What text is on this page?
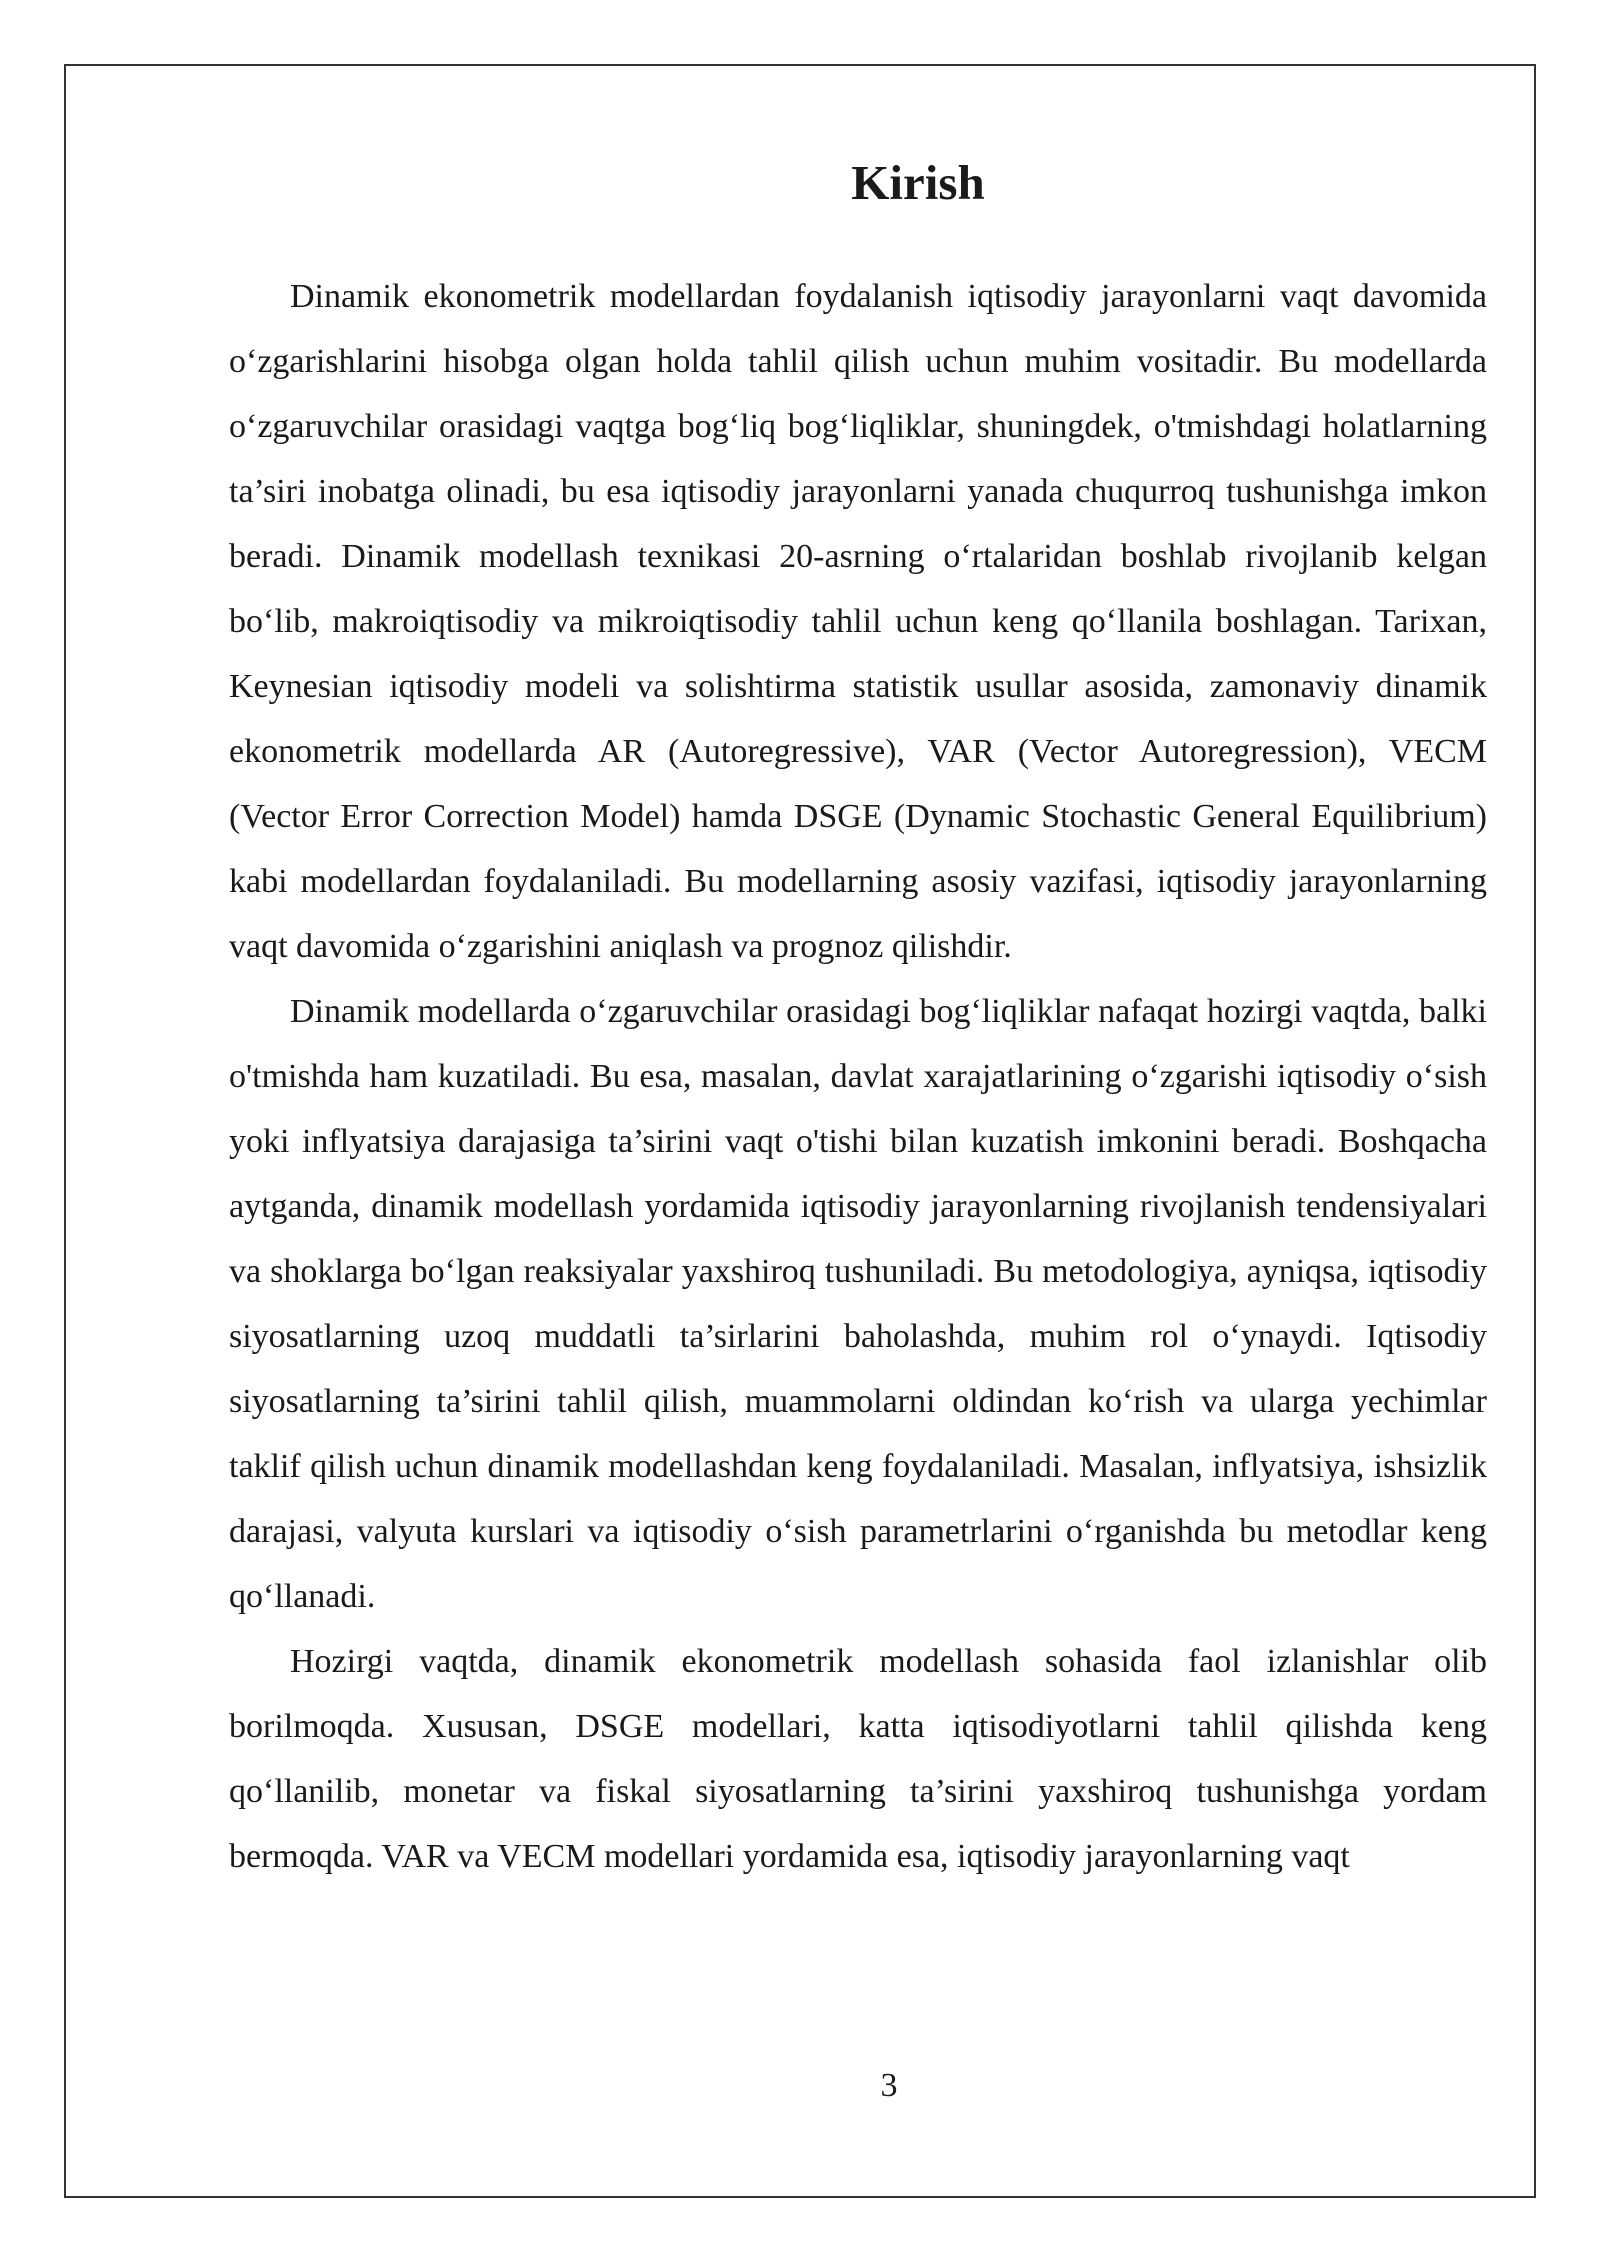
Kirish

Dinamik ekonometrik modellardan foydalanish iqtisodiy jarayonlarni vaqt davomida o‘zgarishlarini hisobga olgan holda tahlil qilish uchun muhim vositadir. Bu modellarda o‘zgaruvchilar orasidagi vaqtga bog‘liq bog‘liqliklar, shuningdek, o'tmishdagi holatlarning ta’siri inobatga olinadi, bu esa iqtisodiy jarayonlarni yanada chuqurroq tushunishga imkon beradi. Dinamik modellash texnikasi 20-asrning o‘rtalaridan boshlab rivojlanib kelgan bo‘lib, makroiqtisodiy va mikroiqtisodiy tahlil uchun keng qo‘llanila boshlagan. Tarixan, Keynesian iqtisodiy modeli va solishtirma statistik usullar asosida, zamonaviy dinamik ekonometrik modellarda AR (Autoregressive), VAR (Vector Autoregression), VECM (Vector Error Correction Model) hamda DSGE (Dynamic Stochastic General Equilibrium) kabi modellardan foydalaniladi. Bu modellarning asosiy vazifasi, iqtisodiy jarayonlarning vaqt davomida o‘zgarishini aniqlash va prognoz qilishdir.

Dinamik modellarda o‘zgaruvchilar orasidagi bog‘liqliklar nafaqat hozirgi vaqtda, balki o'tmishda ham kuzatiladi. Bu esa, masalan, davlat xarajatlarining o‘zgarishi iqtisodiy o‘sish yoki inflyatsiya darajasiga ta’sirini vaqt o'tishi bilan kuzatish imkonini beradi. Boshqacha aytganda, dinamik modellash yordamida iqtisodiy jarayonlarning rivojlanish tendensiyalari va shoklarga bo‘lgan reaksiyalar yaxshiroq tushuniladi. Bu metodologiya, ayniqsa, iqtisodiy siyosatlarning uzoq muddatli ta’sirlarini baholashda, muhim rol o‘ynaydi. Iqtisodiy siyosatlarning ta’sirini tahlil qilish, muammolarni oldindan ko‘rish va ularga yechimlar taklif qilish uchun dinamik modellashdan keng foydalaniladi. Masalan, inflyatsiya, ishsizlik darajasi, valyuta kurslari va iqtisodiy o‘sish parametrlarini o‘rganishda bu metodlar keng qo‘llanadi.

Hozirgi vaqtda, dinamik ekonometrik modellash sohasida faol izlanishlar olib borilmoqda. Xususan, DSGE modellari, katta iqtisodiyotlarni tahlil qilishda keng qo‘llanilib, monetar va fiskal siyosatlarning ta’sirini yaxshiroq tushunishga yordam bermoqda. VAR va VECM modellari yordamida esa, iqtisodiy jarayonlarning vaqt

3
